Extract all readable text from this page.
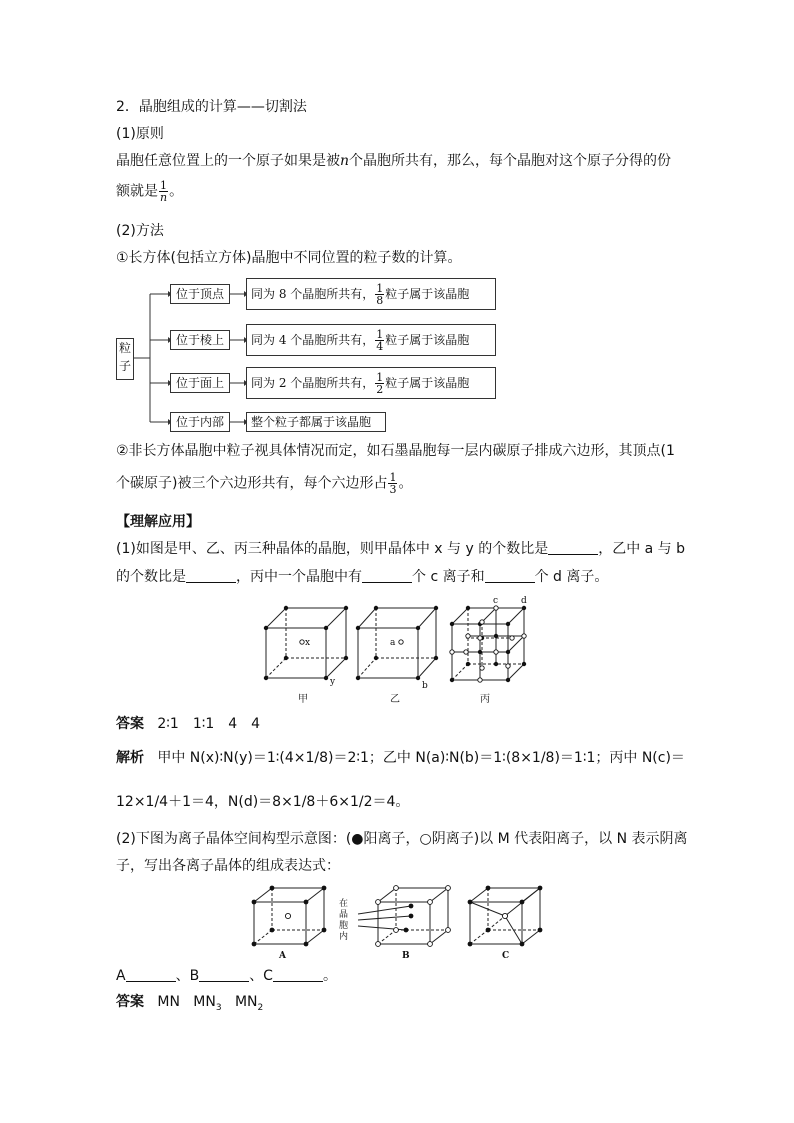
2．晶胞组成的计算——切割法
(1)原则
晶胞任意位置上的一个原子如果是被n个晶胞所共有，那么，每个晶胞对这个原子分得的份
额就是 $\frac{1}{n}$ 。
(2)方法
①长方体(包括立方体)晶胞中不同位置的粒子数的计算。
粒
子
位于顶点	同为 8 个晶胞所共有， $\frac{1}{8}$ 粒子属于该晶胞
位于棱上	同为 4 个晶胞所共有， $\frac{1}{4}$ 粒子属于该晶胞
位于面上	同为 2 个晶胞所共有， $\frac{1}{2}$ 粒子属于该晶胞
位于内部	整个粒子都属于该晶胞
②非长方体晶胞中粒子视具体情况而定，如石墨晶胞每一层内碳原子排成六边形，其顶点(1
个碳原子)被三个六边形共有，每个六边形占 $\frac{1}{3}$ 。
【理解应用】
(1)如图是甲、乙、丙三种晶体的晶胞，则甲晶体中 x 与 y 的个数比是	，乙中 a 与 b
的个数比是	，丙中一个晶胞中有	个 c 离子和	个 d 离子。
x
y
a
b
c	d
甲	乙	丙
答案 2∶1　1∶1　4　4
解析 甲中 N(x)∶N(y)＝1∶(4×1/8)＝2∶1；乙中 N(a)∶N(b)＝1∶(8×1/8)＝1∶1；丙中 N(c)＝
12×1/4＋1＝4，N(d)＝8×1/8＋6×1/2＝4。
(2)下图为离子晶体空间构型示意图：(●阳离子，○阴离子)以 M 代表阳离子，以 N 表示阴离
子，写出各离子晶体的组成表达式：
在
晶
胞
内
A	B	C
A	、B	、C	。
答案 MN $MN_3$ $MN_2$
